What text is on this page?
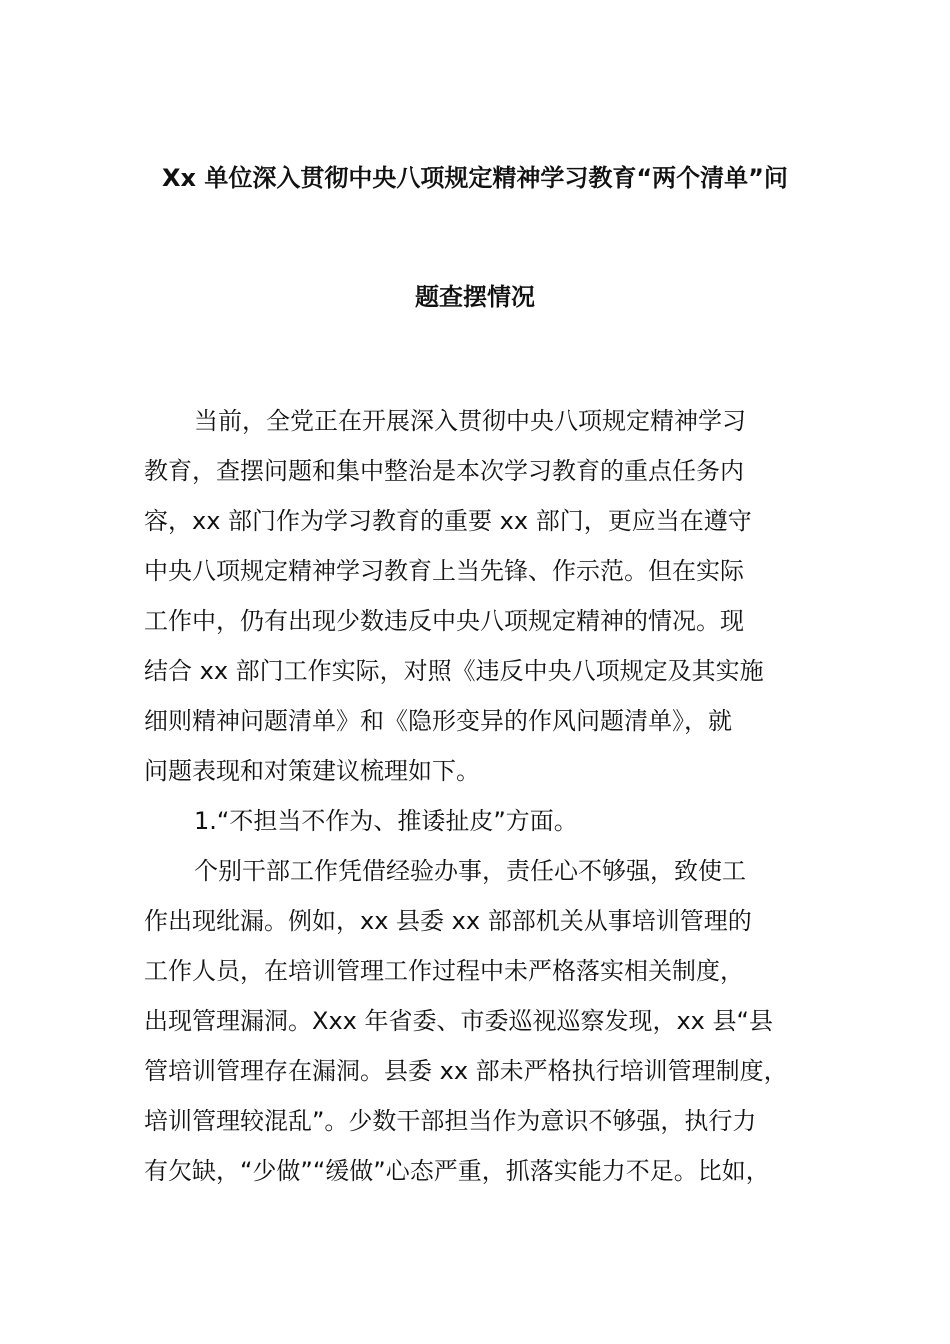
Xx 单位深入贯彻中央八项规定精神学习教育“两个清单”问
题查摆情况
当前，全党正在开展深入贯彻中央八项规定精神学习
教育，查摆问题和集中整治是本次学习教育的重点任务内
容，xx 部门作为学习教育的重要 xx 部门，更应当在遵守
中央八项规定精神学习教育上当先锋、作示范。但在实际
工作中，仍有出现少数违反中央八项规定精神的情况。现
结合 xx 部门工作实际，对照《违反中央八项规定及其实施
细则精神问题清单》和《隐形变异的作风问题清单》，就
问题表现和对策建议梳理如下。
1.“不担当不作为、推诿扯皮”方面。
个别干部工作凭借经验办事，责任心不够强，致使工
作出现纰漏。例如，xx 县委 xx 部部机关从事培训管理的
工作人员，在培训管理工作过程中未严格落实相关制度，
出现管理漏洞。Xxx 年省委、市委巡视巡察发现，xx 县“县
管培训管理存在漏洞。县委 xx 部未严格执行培训管理制度，
培训管理较混乱”。少数干部担当作为意识不够强，执行力
有欠缺，“少做”“缓做”心态严重，抓落实能力不足。比如，
